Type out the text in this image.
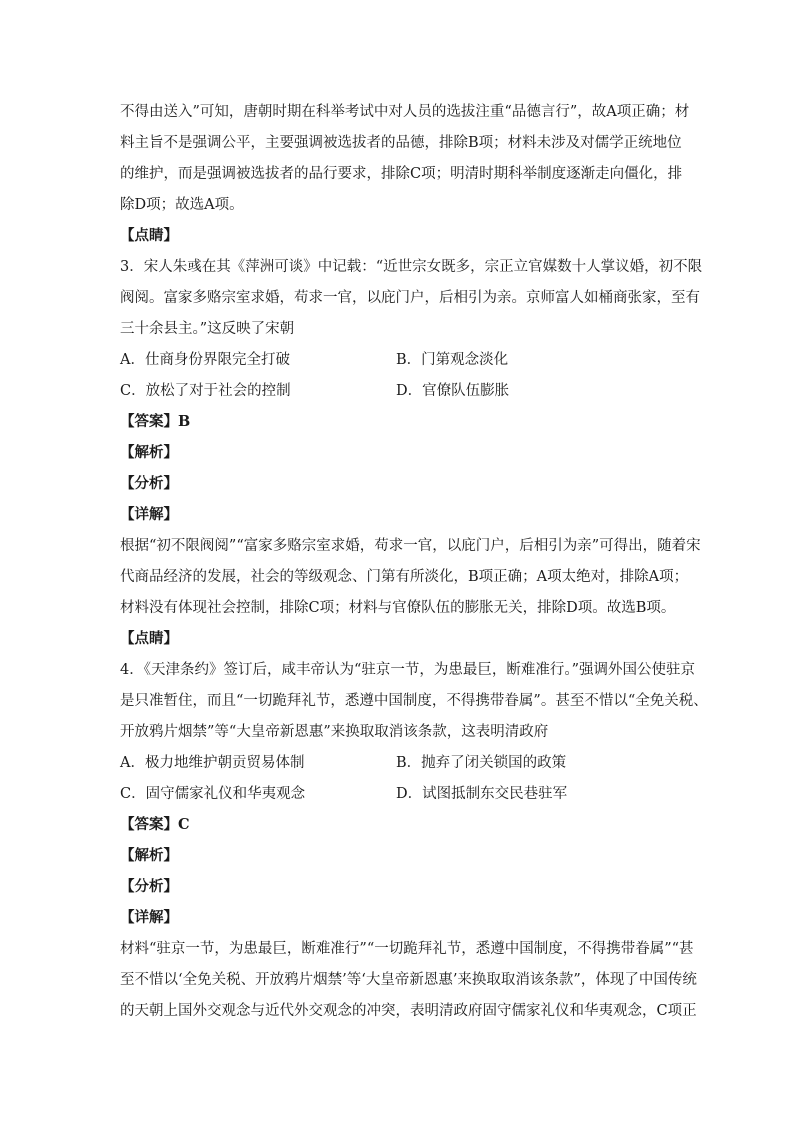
不得由送入”可知，唐朝时期在科举考试中对人员的选拔注重“品德言行”，故A项正确；材
料主旨不是强调公平，主要强调被选拔者的品德，排除B项；材料未涉及对儒学正统地位
的维护，而是强调被选拔者的品行要求，排除C项；明清时期科举制度逐渐走向僵化，排
除D项；故选A项。
【点睛】
3．宋人朱彧在其《萍洲可谈》中记载：“近世宗女既多，宗正立官媒数十人掌议婚，初不限
阀阅。富家多赂宗室求婚，苟求一官，以庇门户，后相引为亲。京师富人如桶商张家，至有
三十余县主。”这反映了宋朝
A．仕商身份界限完全打破	B．门第观念淡化
C．放松了对于社会的控制	D．官僚队伍膨胀
【答案】B
【解析】
【分析】
【详解】
根据“初不限阀阅”“富家多赂宗室求婚，苟求一官，以庇门户，后相引为亲”可得出，随着宋
代商品经济的发展，社会的等级观念、门第有所淡化，B项正确；A项太绝对，排除A项；
材料没有体现社会控制，排除C项；材料与官僚队伍的膨胀无关，排除D项。故选B项。
【点睛】
4．《天津条约》签订后，咸丰帝认为“驻京一节，为患最巨，断难准行。”强调外国公使驻京
是只准暂住，而且“一切跪拜礼节，悉遵中国制度，不得携带眷属”。甚至不惜以“全免关税、
开放鸦片烟禁”等“大皇帝新恩惠”来换取取消该条款，这表明清政府
A．极力地维护朝贡贸易体制	B．抛弃了闭关锁国的政策
C．固守儒家礼仪和华夷观念	D．试图抵制东交民巷驻军
【答案】C
【解析】
【分析】
【详解】
材料“驻京一节，为患最巨，断难准行”“一切跪拜礼节，悉遵中国制度，不得携带眷属”“甚
至不惜以‘全免关税、开放鸦片烟禁’等‘大皇帝新恩惠’来换取取消该条款”，体现了中国传统
的天朝上国外交观念与近代外交观念的冲突，表明清政府固守儒家礼仪和华夷观念，C项正
